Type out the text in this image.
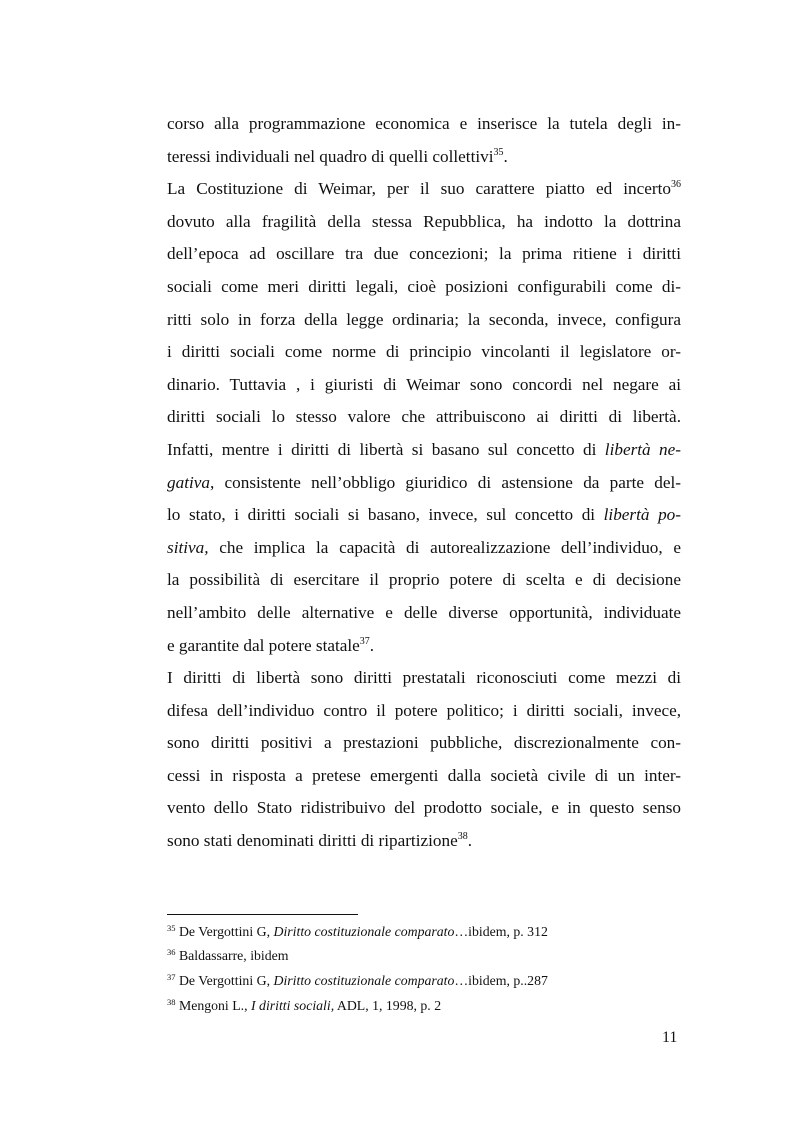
corso alla programmazione economica e inserisce la tutela degli in-
teressi individuali nel quadro di quelli collettivi$^{35}$.
La Costituzione di Weimar, per il suo carattere piatto ed incerto$^{36}$
dovuto alla fragilità della stessa Repubblica, ha indotto la dottrina
dell’epoca ad oscillare tra due concezioni; la prima ritiene i diritti
sociali come meri diritti legali, cioè posizioni configurabili come di-
ritti solo in forza della legge ordinaria; la seconda, invece, configura
i diritti sociali come norme di principio vincolanti il legislatore or-
dinario. Tuttavia , i giuristi di Weimar sono concordi nel negare ai
diritti sociali lo stesso valore che attribuiscono ai diritti di libertà.
Infatti, mentre i diritti di libertà si basano sul concetto di libertà ne-
gativa, consistente nell’obbligo giuridico di astensione da parte del-
lo stato, i diritti sociali si basano, invece, sul concetto di libertà po-
sitiva, che implica la capacità di autorealizzazione dell’individuo, e
la possibilità di esercitare il proprio potere di scelta e di decisione
nell’ambito delle alternative e delle diverse opportunità, individuate
e garantite dal potere statale$^{37}$.
I diritti di libertà sono diritti prestatali riconosciuti come mezzi di
difesa dell’individuo contro il potere politico; i diritti sociali, invece,
sono diritti positivi a prestazioni pubbliche, discrezionalmente con-
cessi in risposta a pretese emergenti dalla società civile di un inter-
vento dello Stato ridistribuivo del prodotto sociale, e in questo senso
sono stati denominati diritti di ripartizione$^{38}$.
$^{35}$ De Vergottini G, Diritto costituzionale comparato…ibidem, p. 312
$^{36}$ Baldassarre, ibidem
$^{37}$ De Vergottini G, Diritto costituzionale comparato…ibidem, p..287
$^{38}$ Mengoni L., I diritti sociali, ADL, 1, 1998, p. 2
11
